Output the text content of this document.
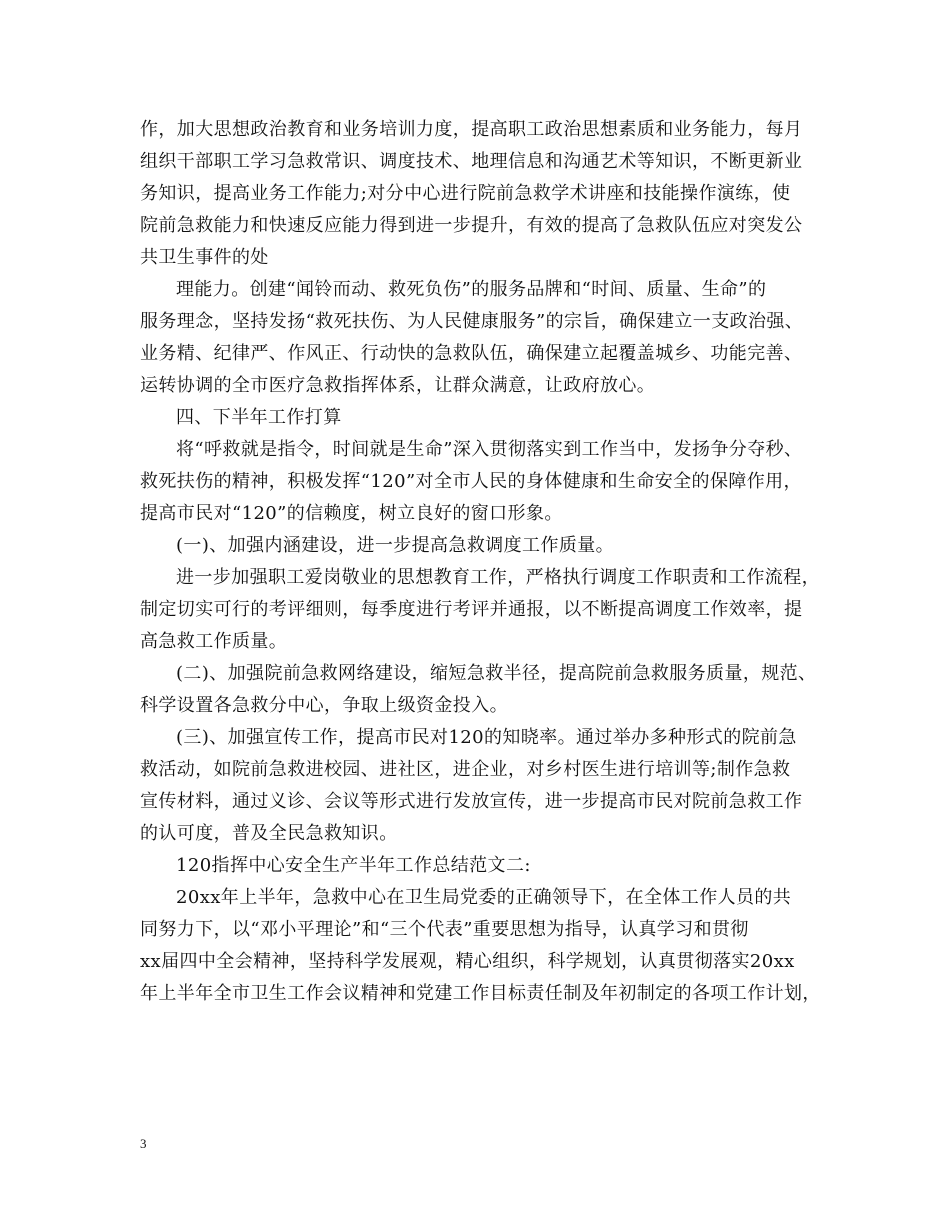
作，加大思想政治教育和业务培训力度，提高职工政治思想素质和业务能力，每月
组织干部职工学习急救常识、调度技术、地理信息和沟通艺术等知识，不断更新业
务知识，提高业务工作能力;对分中心进行院前急救学术讲座和技能操作演练，使
院前急救能力和快速反应能力得到进一步提升，有效的提高了急救队伍应对突发公
共卫生事件的处
理能力。创建“闻铃而动、救死负伤”的服务品牌和“时间、质量、生命”的
服务理念，坚持发扬“救死扶伤、为人民健康服务”的宗旨，确保建立一支政治强、
业务精、纪律严、作风正、行动快的急救队伍，确保建立起覆盖城乡、功能完善、
运转协调的全市医疗急救指挥体系，让群众满意，让政府放心。
四、下半年工作打算
将“呼救就是指令，时间就是生命”深入贯彻落实到工作当中，发扬争分夺秒、
救死扶伤的精神，积极发挥“120”对全市人民的身体健康和生命安全的保障作用，
提高市民对“120”的信赖度，树立良好的窗口形象。
(一)、加强内涵建设，进一步提高急救调度工作质量。
进一步加强职工爱岗敬业的思想教育工作，严格执行调度工作职责和工作流程，
制定切实可行的考评细则，每季度进行考评并通报，以不断提高调度工作效率，提
高急救工作质量。
(二)、加强院前急救网络建设，缩短急救半径，提高院前急救服务质量，规范、
科学设置各急救分中心，争取上级资金投入。
(三)、加强宣传工作，提高市民对120的知晓率。通过举办多种形式的院前急
救活动，如院前急救进校园、进社区，进企业，对乡村医生进行培训等;制作急救
宣传材料，通过义诊、会议等形式进行发放宣传，进一步提高市民对院前急救工作
的认可度，普及全民急救知识。
120指挥中心安全生产半年工作总结范文二:
20xx年上半年，急救中心在卫生局党委的正确领导下，在全体工作人员的共
同努力下，以“邓小平理论”和“三个代表”重要思想为指导，认真学习和贯彻
xx届四中全会精神，坚持科学发展观，精心组织，科学规划，认真贯彻落实20xx
年上半年全市卫生工作会议精神和党建工作目标责任制及年初制定的各项工作计划，
3
